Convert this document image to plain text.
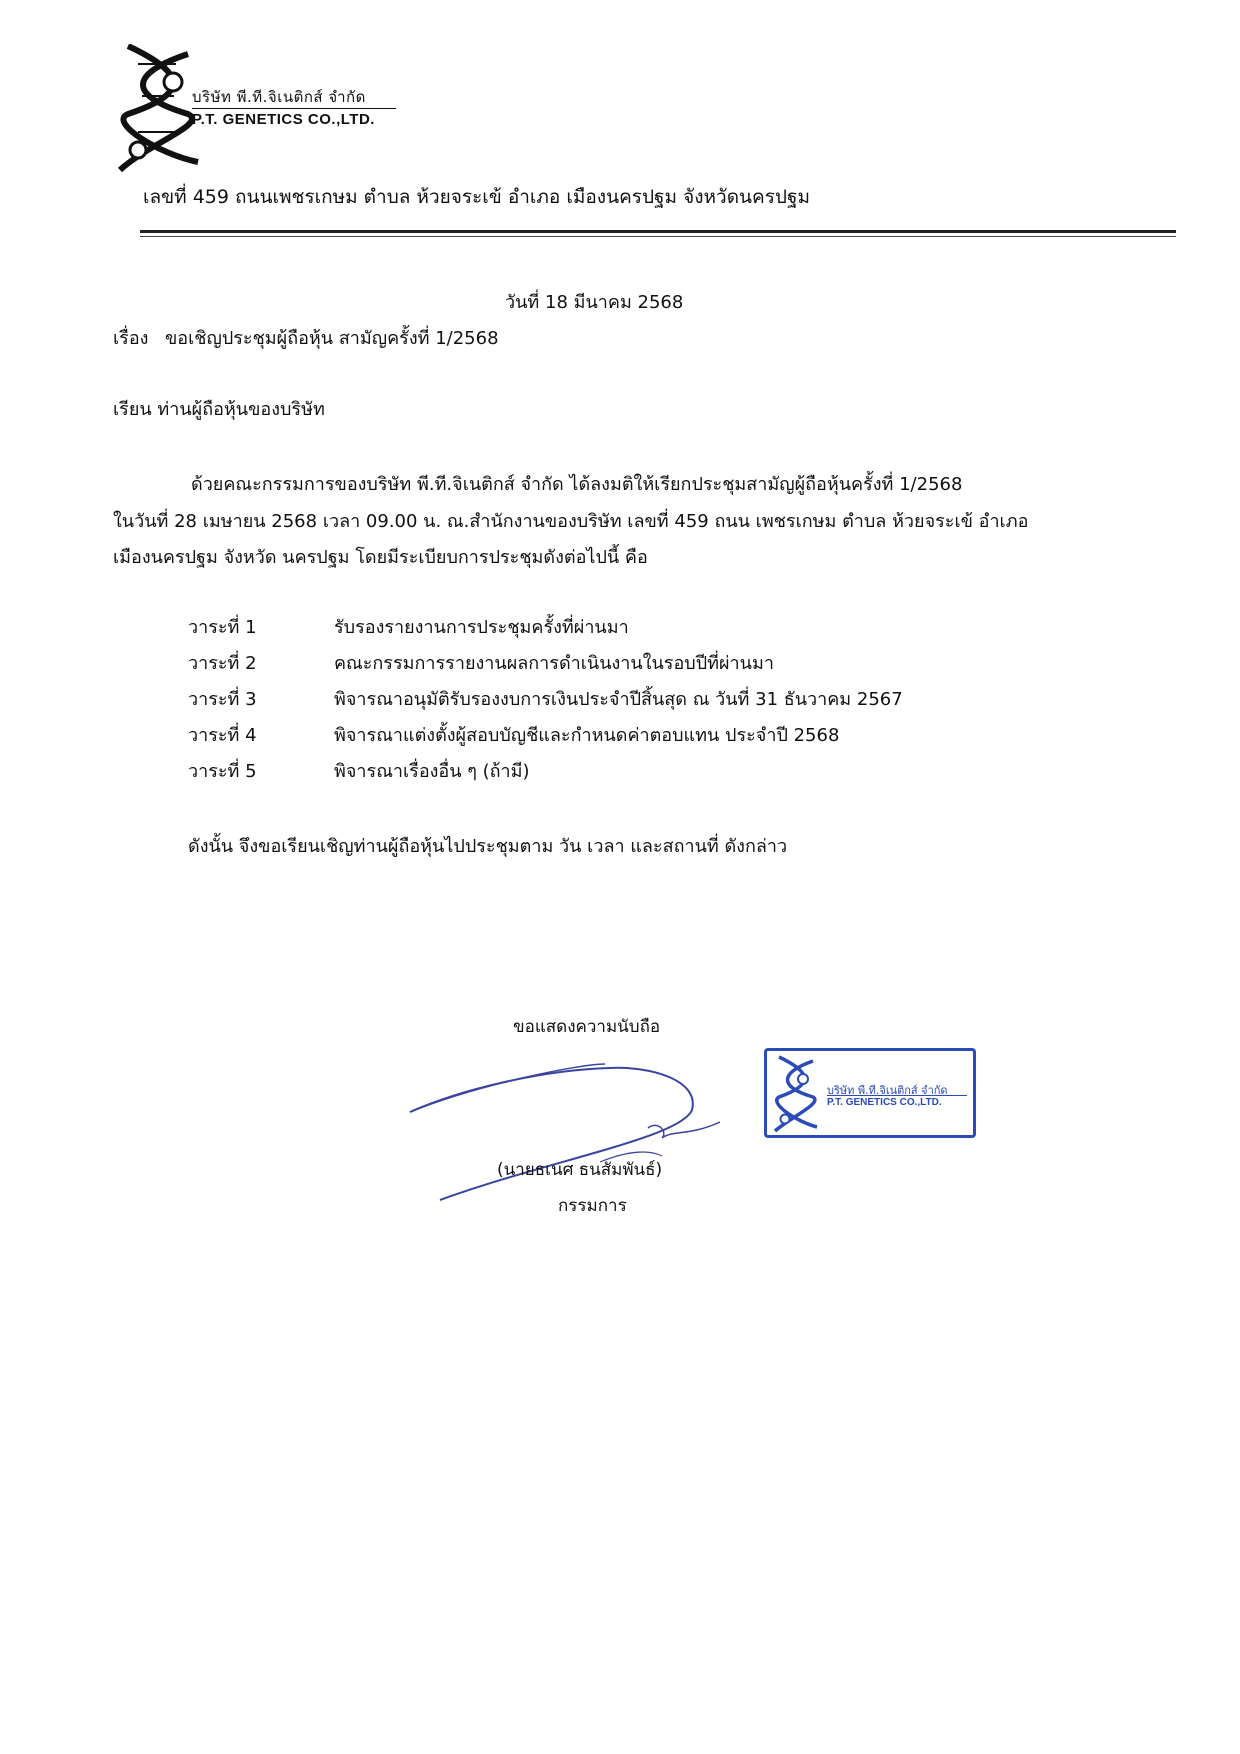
บริษัท พี.ที.จิเนติกส์ จำกัด
P.T. GENETICS CO.,LTD.
เลขที่ 459 ถนนเพชรเกษม ตำบล ห้วยจระเข้ อำเภอ เมืองนครปฐม จังหวัดนครปฐม
วันที่ 18 มีนาคม 2568
เรื่อง ขอเชิญประชุมผู้ถือหุ้น สามัญครั้งที่ 1/2568
เรียน ท่านผู้ถือหุ้นของบริษัท
ด้วยคณะกรรมการของบริษัท พี.ที.จิเนติกส์ จำกัด ได้ลงมติให้เรียกประชุมสามัญผู้ถือหุ้นครั้งที่ 1/2568
ในวันที่ 28 เมษายน 2568 เวลา 09.00 น. ณ.สำนักงานของบริษัท เลขที่ 459 ถนน เพชรเกษม ตำบล ห้วยจระเข้ อำเภอ
เมืองนครปฐม จังหวัด นครปฐม โดยมีระเบียบการประชุมดังต่อไปนี้ คือ
วาระที่ 1	รับรองรายงานการประชุมครั้งที่ผ่านมา
วาระที่ 2	คณะกรรมการรายงานผลการดำเนินงานในรอบปีที่ผ่านมา
วาระที่ 3	พิจารณาอนุมัติรับรองงบการเงินประจำปีสิ้นสุด ณ วันที่ 31 ธันวาคม 2567
วาระที่ 4	พิจารณาแต่งตั้งผู้สอบบัญชีและกำหนดค่าตอบแทน ประจำปี 2568
วาระที่ 5	พิจารณาเรื่องอื่น ๆ (ถ้ามี)
ดังนั้น จึงขอเรียนเชิญท่านผู้ถือหุ้นไปประชุมตาม วัน เวลา และสถานที่ ดังกล่าว
ขอแสดงความนับถือ
(นายธเนศ ธนสัมพันธ์)
กรรมการ
บริษัท พี.ที.จิเนติกส์ จำกัด
P.T. GENETICS CO.,LTD.
